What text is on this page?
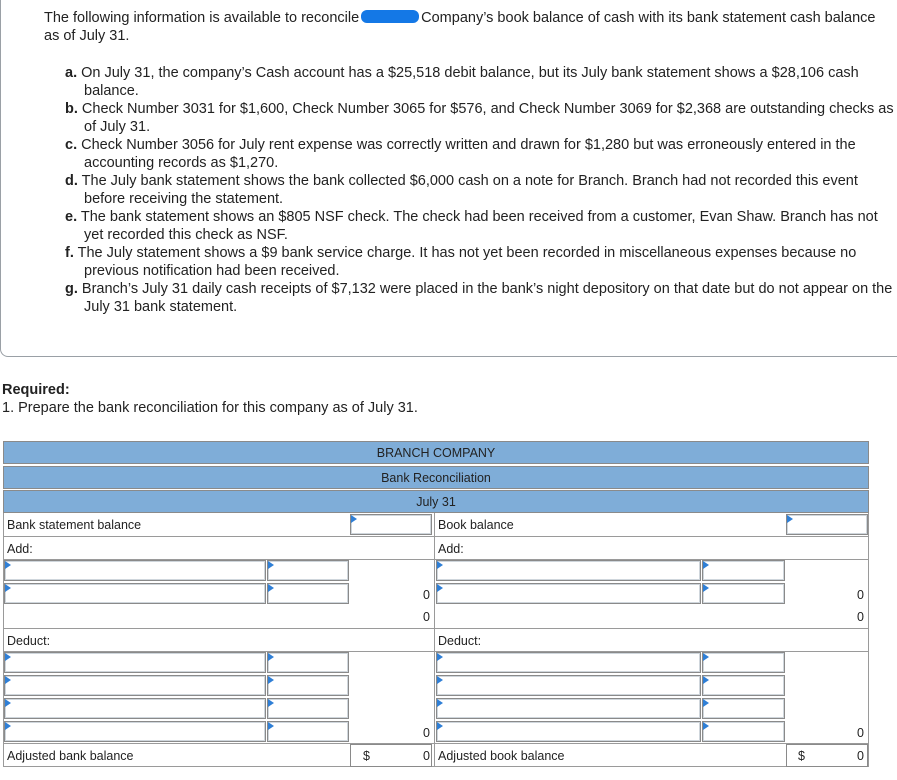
The following information is available to reconcile	Company’s book balance of cash with its bank statement cash balance as of July 31.
a. On July 31, the company’s Cash account has a $25,518 debit balance, but its July bank statement shows a $28,106 cash balance.
b. Check Number 3031 for $1,600, Check Number 3065 for $576, and Check Number 3069 for $2,368 are outstanding checks as of July 31.
c. Check Number 3056 for July rent expense was correctly written and drawn for $1,280 but was erroneously entered in the accounting records as $1,270.
d. The July bank statement shows the bank collected $6,000 cash on a note for Branch. Branch had not recorded this event before receiving the statement.
e. The bank statement shows an $805 NSF check. The check had been received from a customer, Evan Shaw. Branch has not yet recorded this check as NSF.
f. The July statement shows a $9 bank service charge. It has not yet been recorded in miscellaneous expenses because no previous notification had been received.
g. Branch’s July 31 daily cash receipts of $7,132 were placed in the bank’s night depository on that date but do not appear on the July 31 bank statement.
Required:
1. Prepare the bank reconciliation for this company as of July 31.
BRANCH COMPANY
Bank Reconciliation
July 31
Bank statement balance
Add:
0
0
Deduct:
0
Adjusted bank balance	$	0
Book balance
Add:
0
0
Deduct:
0
Adjusted book balance	$	0
